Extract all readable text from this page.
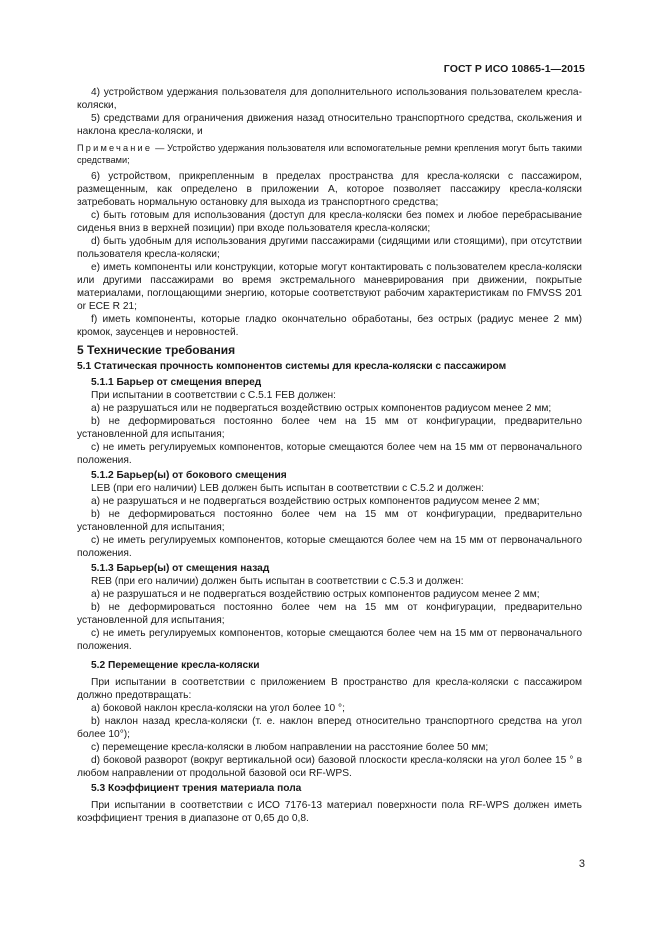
ГОСТ Р ИСО 10865-1—2015

4) устройством удержания пользователя для дополнительного использования пользователем кресла-коляски,

5) средствами для ограничения движения назад относительно транспортного средства, скольжения и наклона кресла-коляски, и

Примечание — Устройство удержания пользователя или вспомогательные ремни крепления могут быть такими средствами;

6) устройством, прикрепленным в пределах пространства для кресла-коляски с пассажиром, размещенным, как определено в приложении А, которое позволяет пассажиру кресла-коляски затребовать нормальную остановку для выхода из транспортного средства;

c) быть готовым для использования (доступ для кресла-коляски без помех и любое перебрасывание сиденья вниз в верхней позиции) при входе пользователя кресла-коляски;

d) быть удобным для использования другими пассажирами (сидящими или стоящими), при отсутствии пользователя кресла-коляски;

e) иметь компоненты или конструкции, которые могут контактировать с пользователем кресла-коляски или другими пассажирами во время экстремального маневрирования при движении, покрытые материалами, поглощающими энергию, которые соответствуют рабочим характеристикам по FMVSS 201 or ECE R 21;

f) иметь компоненты, которые гладко окончательно обработаны, без острых (радиус менее 2 мм) кромок, заусенцев и неровностей.

5 Технические требования
5.1 Статическая прочность компонентов системы для кресла-коляски с пассажиром
5.1.1 Барьер от смещения вперед

При испытании в соответствии с С.5.1 FEB должен:

a) не разрушаться или не подвергаться воздействию острых компонентов радиусом менее 2 мм;

b) не деформироваться постоянно более чем на 15 мм от конфигурации, предварительно установленной для испытания;

c) не иметь регулируемых компонентов, которые смещаются более чем на 15 мм от первоначального положения.

5.1.2 Барьер(ы) от бокового смещения

LEB (при его наличии) LEB должен быть испытан в соответствии с С.5.2 и должен:

a) не разрушаться и не подвергаться воздействию острых компонентов радиусом менее 2 мм;

b) не деформироваться постоянно более чем на 15 мм от конфигурации, предварительно установленной для испытания;

c) не иметь регулируемых компонентов, которые смещаются более чем на 15 мм от первоначального положения.

5.1.3 Барьер(ы) от смещения назад

REB (при его наличии) должен быть испытан в соответствии с С.5.3 и должен:

a) не разрушаться и не подвергаться воздействию острых компонентов радиусом менее 2 мм;

b) не деформироваться постоянно более чем на 15 мм от конфигурации, предварительно установленной для испытания;

c) не иметь регулируемых компонентов, которые смещаются более чем на 15 мм от первоначального положения.

5.2 Перемещение кресла-коляски

При испытании в соответствии с приложением В пространство для кресла-коляски с пассажиром должно предотвращать:

a) боковой наклон кресла-коляски на угол более 10 °;

b) наклон назад кресла-коляски (т. е. наклон вперед относительно транспортного средства на угол более 10°);

c) перемещение кресла-коляски в любом направлении на расстояние более 50 мм;

d) боковой разворот (вокруг вертикальной оси) базовой плоскости кресла-коляски на угол более 15 ° в любом направлении от продольной базовой оси RF-WPS.

5.3 Коэффициент трения материала пола

При испытании в соответствии с ИСО 7176-13 материал поверхности пола RF-WPS должен иметь коэффициент трения в диапазоне от 0,65 до 0,8.

3
